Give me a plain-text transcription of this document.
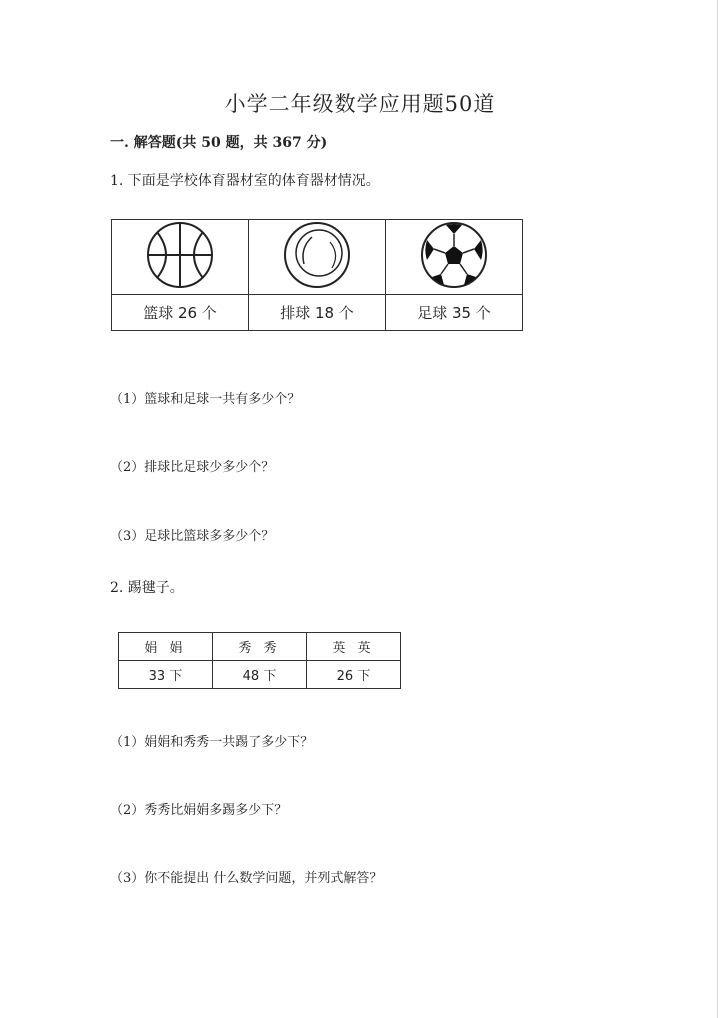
小学二年级数学应用题50道
一. 解答题(共 50 题，共 367 分)
1. 下面是学校体育器材室的体育器材情况。

篮球 26 个	排球 18 个	足球 35 个
（1）篮球和足球一共有多少个？
（2）排球比足球少多少个？
（3）足球比篮球多多少个？
2. 踢毽子。
娟 娟	秀 秀	英 英
33 下	48 下	26 下
（1）娟娟和秀秀一共踢了多少下？
（2）秀秀比娟娟多踢多少下？
（3）你不能提出 什么数学问题，并列式解答？
